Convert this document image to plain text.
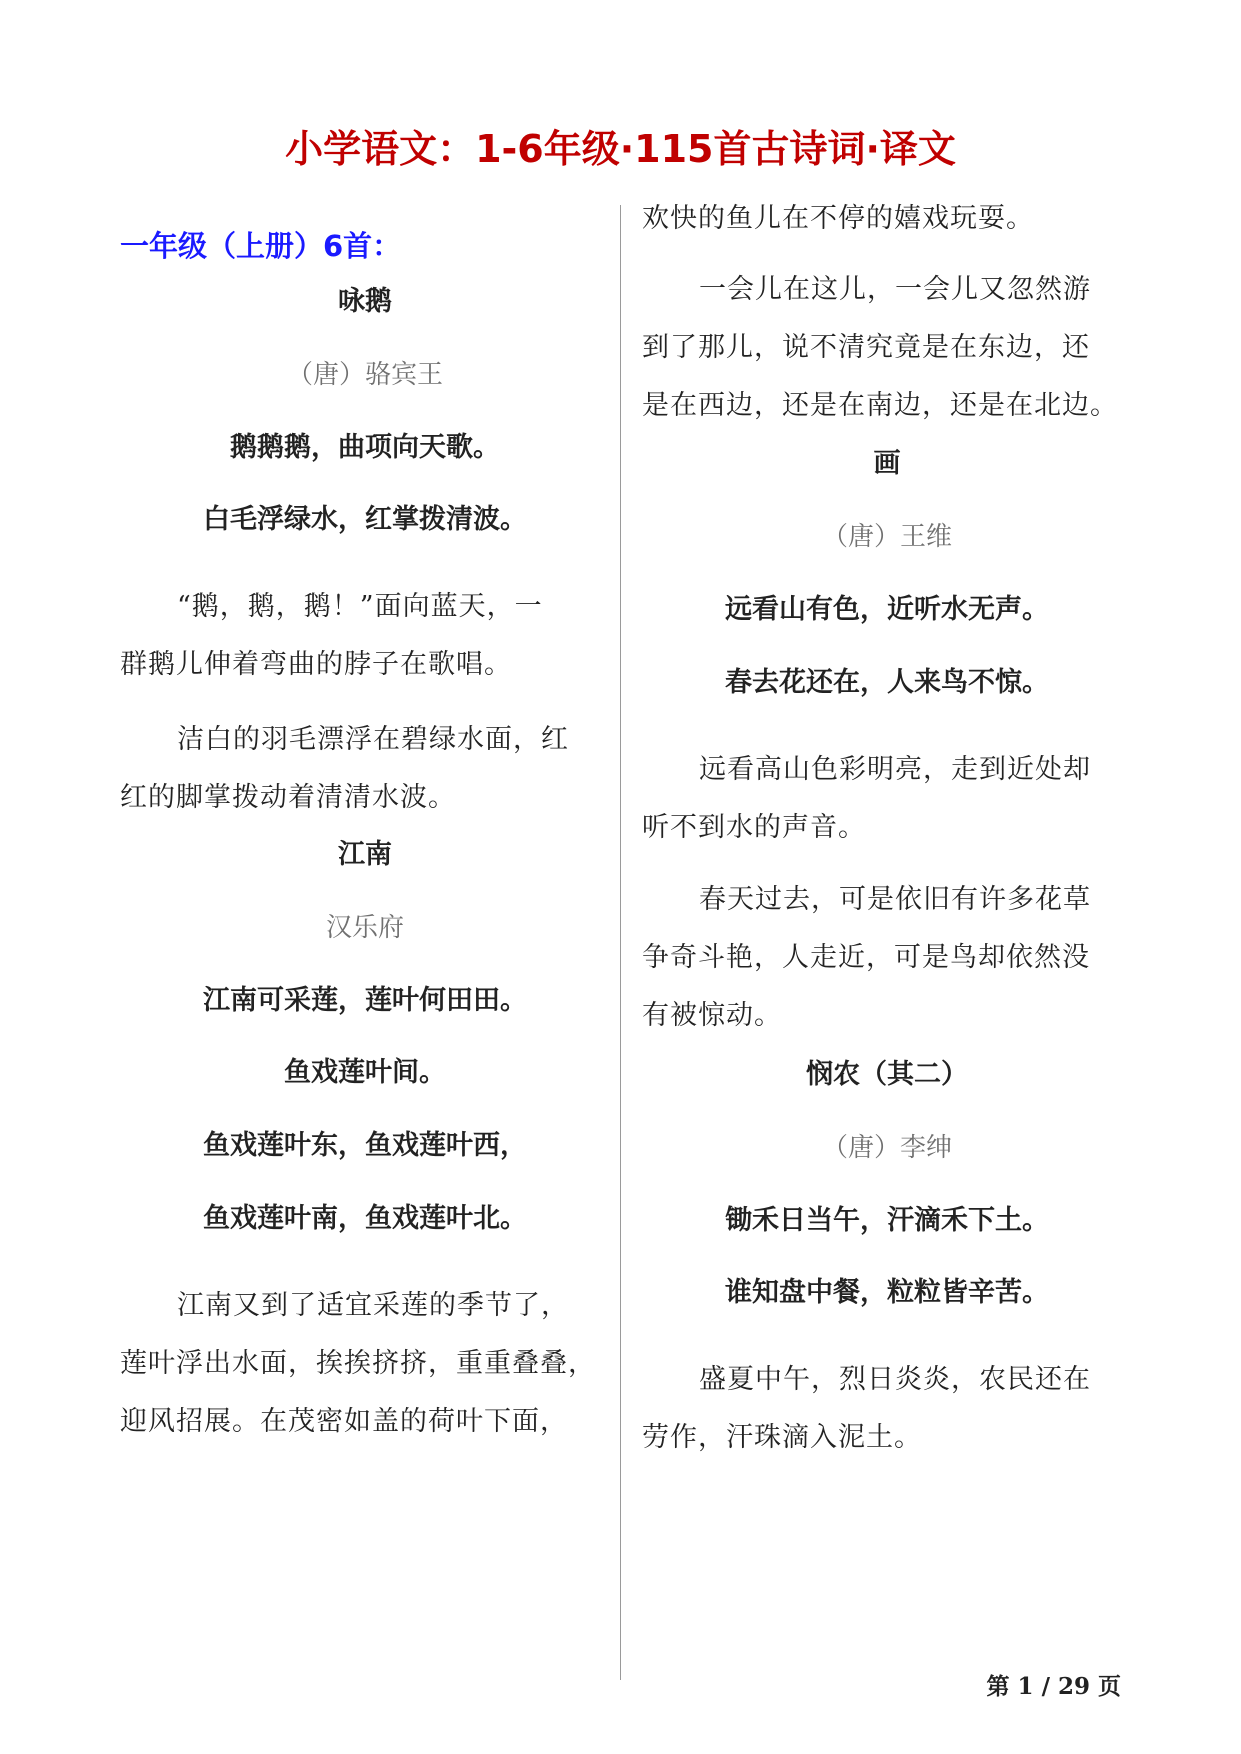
小学语文：1-6年级·115首古诗词·译文
一年级（上册）6首：

咏鹅

（唐）骆宾王

鹅鹅鹅，曲项向天歌。

白毛浮绿水，红掌拨清波。

“鹅，鹅，鹅！”面向蓝天，一

群鹅儿伸着弯曲的脖子在歌唱。

洁白的羽毛漂浮在碧绿水面，红

红的脚掌拨动着清清水波。

江南

汉乐府

江南可采莲，莲叶何田田。

鱼戏莲叶间。

鱼戏莲叶东，鱼戏莲叶西，

鱼戏莲叶南，鱼戏莲叶北。

江南又到了适宜采莲的季节了，

莲叶浮出水面，挨挨挤挤，重重叠叠，

迎风招展。在茂密如盖的荷叶下面，

欢快的鱼儿在不停的嬉戏玩耍。

一会儿在这儿，一会儿又忽然游

到了那儿，说不清究竟是在东边，还

是在西边，还是在南边，还是在北边。

画

（唐）王维

远看山有色，近听水无声。

春去花还在，人来鸟不惊。

远看高山色彩明亮，走到近处却

听不到水的声音。

春天过去，可是依旧有许多花草

争奇斗艳，人走近，可是鸟却依然没

有被惊动。

悯农（其二）

（唐）李绅

锄禾日当午，汗滴禾下土。

谁知盘中餐，粒粒皆辛苦。

盛夏中午，烈日炎炎，农民还在

劳作，汗珠滴入泥土。

第 1 / 29 页
